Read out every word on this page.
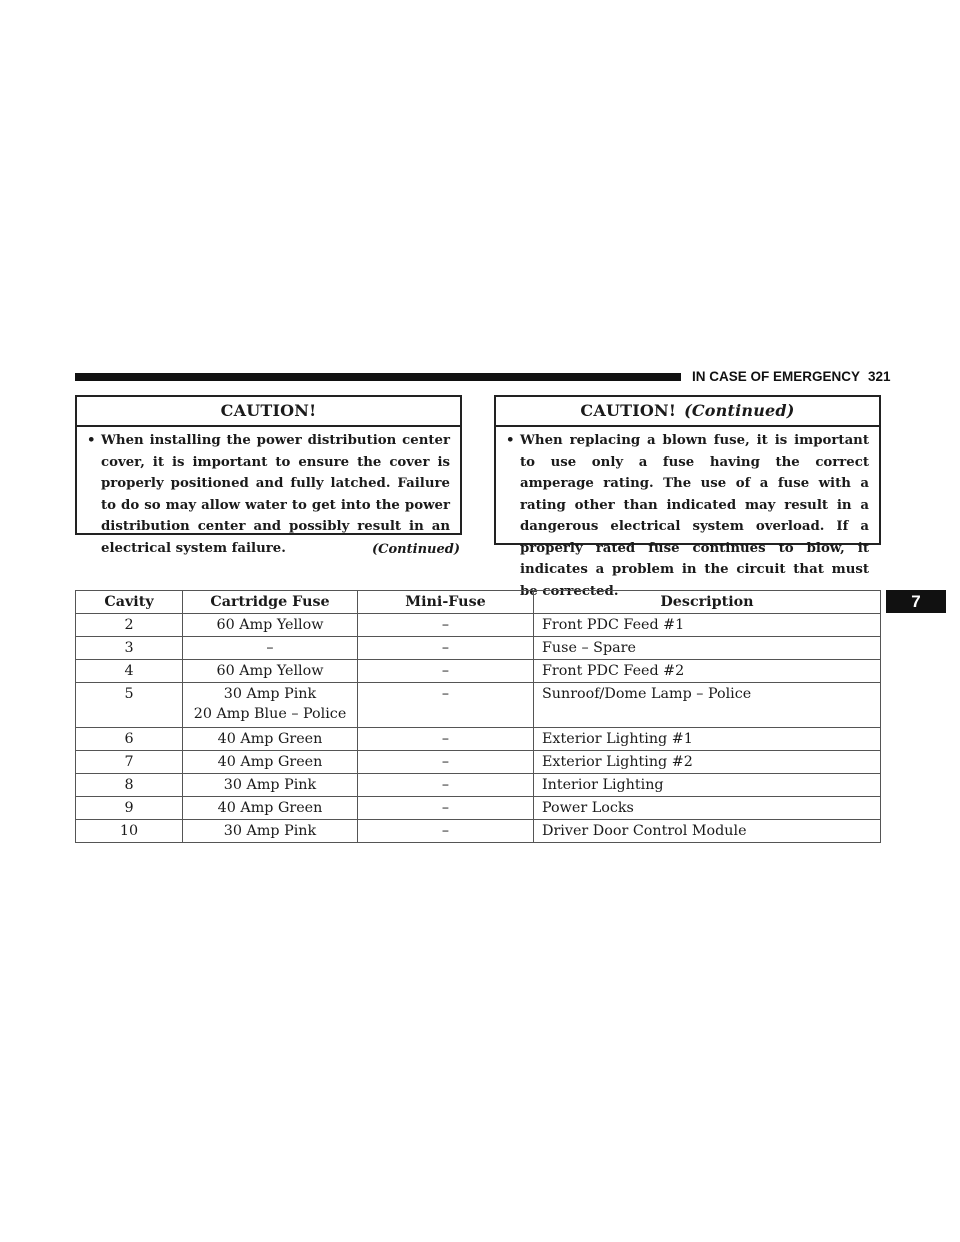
IN CASE OF EMERGENCY 321
CAUTION!
• When installing the power distribution center cover, it is important to ensure the cover is properly positioned and fully latched. Failure to do so may allow water to get into the power distribution center and possibly result in an electrical system failure.	(Continued)
CAUTION! (Continued)
• When replacing a blown fuse, it is important to use only a fuse having the correct amperage rating. The use of a fuse with a rating other than indicated may result in a dangerous electrical system overload. If a properly rated fuse continues to blow, it indicates a problem in the circuit that must be corrected.
Cavity	Cartridge Fuse	Mini-Fuse	Description
2	60 Amp Yellow	–	Front PDC Feed #1
3	–	–	Fuse – Spare
4	60 Amp Yellow	–	Front PDC Feed #2
5	30 Amp Pink
20 Amp Blue – Police	–	Sunroof/Dome Lamp – Police
6	40 Amp Green	–	Exterior Lighting #1
7	40 Amp Green	–	Exterior Lighting #2
8	30 Amp Pink	–	Interior Lighting
9	40 Amp Green	–	Power Locks
10	30 Amp Pink	–	Driver Door Control Module
7
